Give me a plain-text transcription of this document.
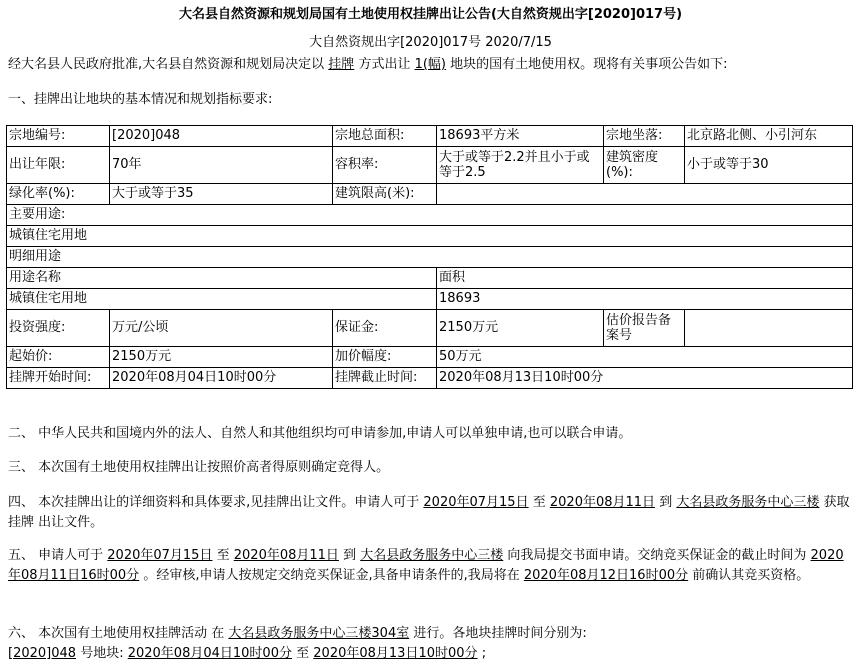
大名县自然资源和规划局国有土地使用权挂牌出让公告(大自然资规出字[2020]017号)
大自然资规出字[2020]017号 2020/7/15
经大名县人民政府批准,大名县自然资源和规划局决定以 挂牌 方式出让 1(幅) 地块的国有土地使用权。现将有关事项公告如下:
一、挂牌出让地块的基本情况和规划指标要求:
宗地编号:	[2020]048	宗地总面积:	18693平方米	宗地坐落:	北京路北侧、小引河东
出让年限:	70年	容积率:	大于或等于2.2并且小于或等于2.5	建筑密度(%):	小于或等于30
绿化率(%):	大于或等于35	建筑限高(米):			
主要用途:					
城镇住宅用地					
明细用途					
用途名称			面积		
城镇住宅用地			18693		
投资强度:	万元/公顷	保证金:	2150万元	估价报告备案号	
起始价:	2150万元	加价幅度:	50万元		
挂牌开始时间:	2020年08月04日10时00分	挂牌截止时间:	2020年08月13日10时00分		
二、 中华人民共和国境内外的法人、自然人和其他组织均可申请参加,申请人可以单独申请,也可以联合申请。
三、 本次国有土地使用权挂牌出让按照价高者得原则确定竞得人。
四、 本次挂牌出让的详细资料和具体要求,见挂牌出让文件。申请人可于 2020年07月15日 至 2020年08月11日 到 大名县政务服务中心三楼 获取 挂牌 出让文件。
五、 申请人可于 2020年07月15日 至 2020年08月11日 到 大名县政务服务中心三楼 向我局提交书面申请。交纳竞买保证金的截止时间为 2020年08月11日16时00分 。经审核,申请人按规定交纳竞买保证金,具备申请条件的,我局将在 2020年08月12日16时00分 前确认其竞买资格。
六、 本次国有土地使用权挂牌活动 在 大名县政务服务中心三楼304室 进行。各地块挂牌时间分别为:
[2020]048 号地块: 2020年08月04日10时00分 至 2020年08月13日10时00分 ;
